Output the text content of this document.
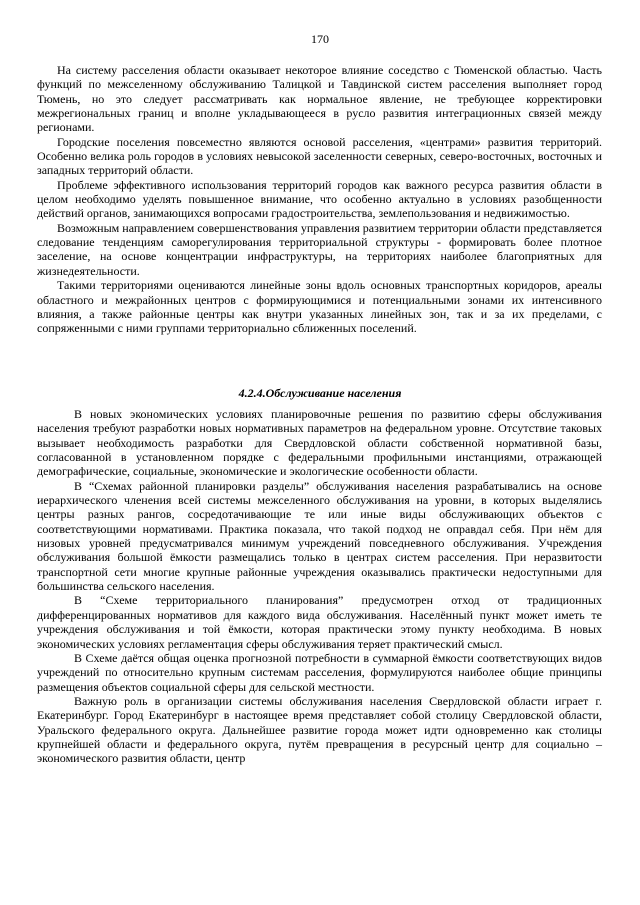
170

На систему расселения области оказывает некоторое влияние соседство с Тюменской областью. Часть функций по межселенному обслуживанию Талицкой и Тавдинской систем расселения выполняет город Тюмень, но это следует рассматривать как нормальное явление, не требующее корректировки межрегиональных границ и вполне укладывающееся в русло развития интеграционных связей между регионами.

Городские поселения повсеместно являются основой расселения, «центрами» развития территорий. Особенно велика роль городов в условиях невысокой заселенности северных, северо-восточных, восточных и западных территорий области.

Проблеме эффективного использования территорий городов как важного ресурса развития области в целом необходимо уделять повышенное внимание, что особенно актуально в условиях разобщенности действий органов, занимающихся вопросами градостроительства, землепользования и недвижимостью.

Возможным направлением совершенствования управления развитием территории области представляется следование тенденциям саморегулирования территориальной структуры - формировать более плотное заселение, на основе концентрации инфраструктуры, на территориях наиболее благоприятных для жизнедеятельности.

Такими территориями оцениваются линейные зоны вдоль основных транспортных коридоров, ареалы областного и межрайонных центров с формирующимися и потенциальными зонами их интенсивного влияния, а также районные центры как внутри указанных линейных зон, так и за их пределами, с сопряженными с ними группами территориально сближенных поселений.

4.2.4.Обслуживание населения

В новых экономических условиях планировочные решения по развитию сферы обслуживания населения требуют разработки новых нормативных параметров на федеральном уровне. Отсутствие таковых вызывает необходимость разработки для Свердловской области собственной нормативной базы, согласованной в установленном порядке с федеральными профильными инстанциями, отражающей демографические, социальные, экономические и экологические особенности области.

В “Схемах районной планировки разделы” обслуживания населения разрабатывались на основе иерархического членения всей системы межселенного обслуживания на уровни, в которых выделялись центры разных рангов, сосредотачивающие те или иные виды обслуживающих объектов с соответствующими нормативами. Практика показала, что такой подход не оправдал себя. При нём для низовых уровней предусматривался минимум учреждений повседневного обслуживания. Учреждения обслуживания большой ёмкости размещались только в центрах систем расселения. При неразвитости транспортной сети многие крупные районные учреждения оказывались практически недоступными для большинства сельского населения.

В “Схеме территориального планирования” предусмотрен отход от традиционных дифференцированных нормативов для каждого вида обслуживания. Населённый пункт может иметь те учреждения обслуживания и той ёмкости, которая практически этому пункту необходима. В новых экономических условиях регламентация сферы обслуживания теряет практический смысл.

В Схеме даётся общая оценка прогнозной потребности в суммарной ёмкости соответствующих видов учреждений по относительно крупным системам расселения, формулируются наиболее общие принципы размещения объектов социальной сферы для сельской местности.

Важную роль в организации системы обслуживания населения Свердловской области играет г. Екатеринбург. Город Екатеринбург в настоящее время представляет собой столицу Свердловской области, Уральского федерального округа. Дальнейшее развитие города может идти одновременно как столицы крупнейшей области и федерального округа, путём превращения в ресурсный центр для социально – экономического развития области, центр
